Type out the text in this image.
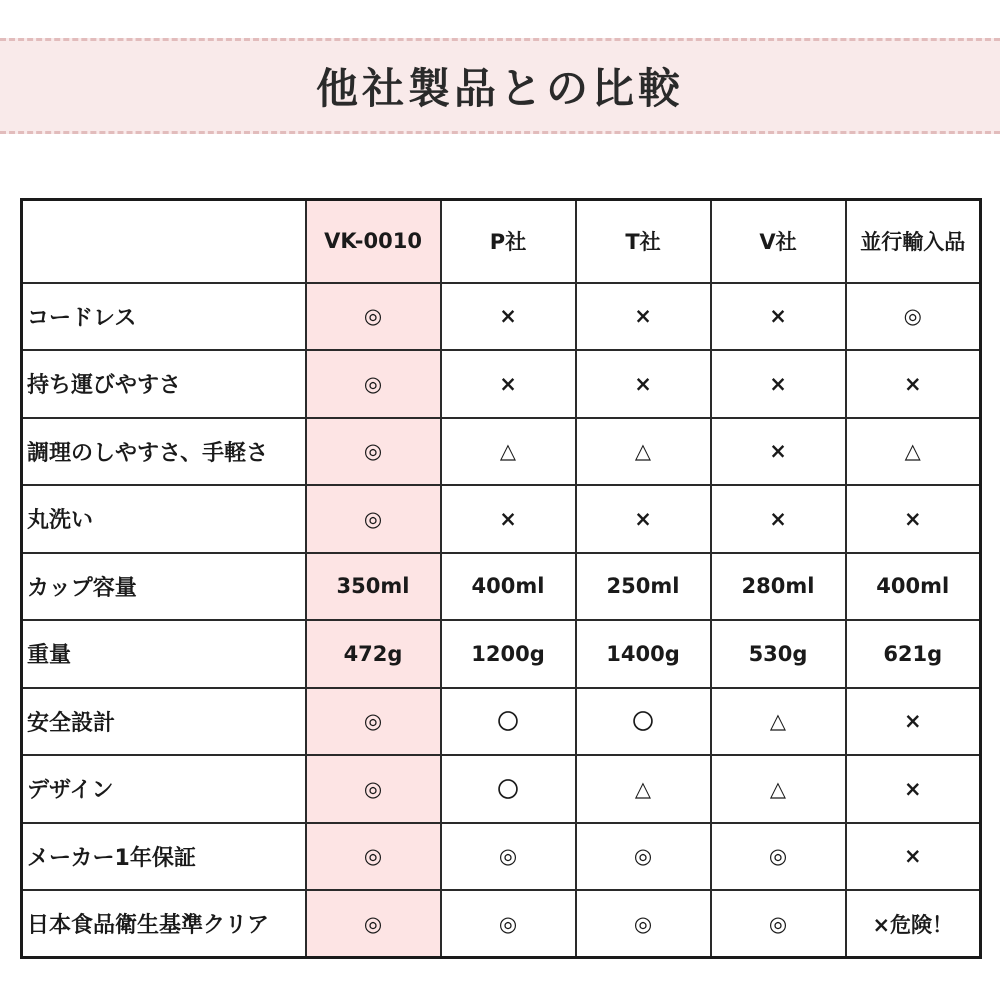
他社製品との比較
	VK-0010	P社	T社	V社	並行輸入品
コードレス	◎	×	×	×	◎
持ち運びやすさ	◎	×	×	×	×
調理のしやすさ、手軽さ	◎	△	△	×	△
丸洗い	◎	×	×	×	×
カップ容量	350ml	400ml	250ml	280ml	400ml
重量	472g	1200g	1400g	530g	621g
安全設計	◎	〇	〇	△	×
デザイン	◎	〇	△	△	×
メーカー1年保証	◎	◎	◎	◎	×
日本食品衛生基準クリア	◎	◎	◎	◎	×危険！
